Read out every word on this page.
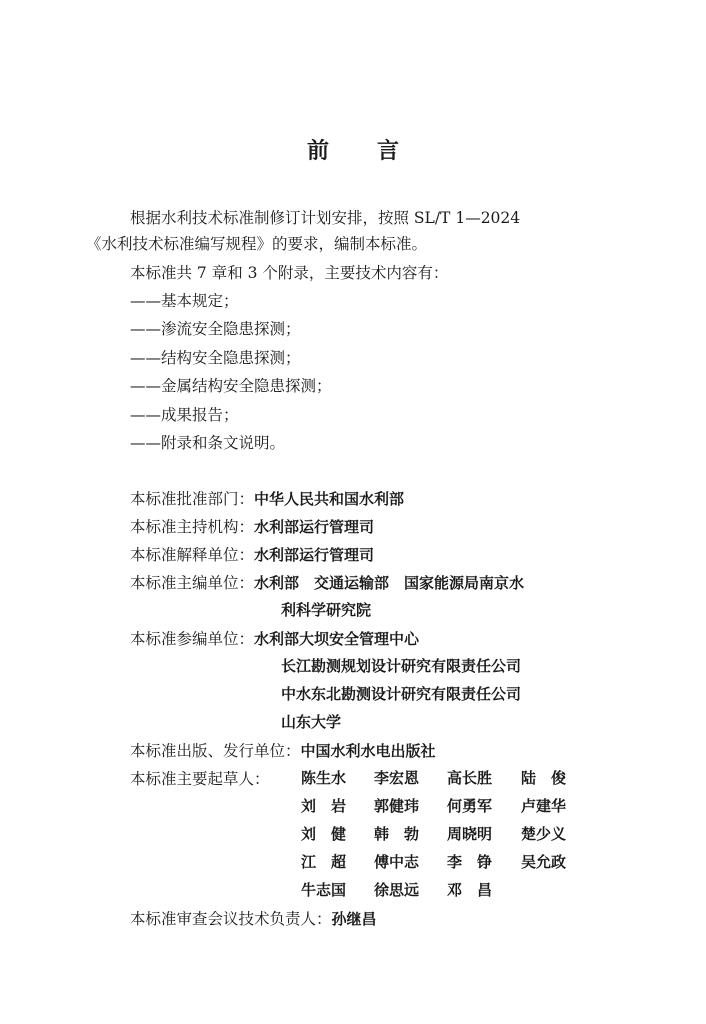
前 言
根据水利技术标准制修订计划安排，按照 SL/T 1—2024
《水利技术标准编写规程》的要求，编制本标准。
本标准共 7 章和 3 个附录，主要技术内容有：
——基本规定；
——渗流安全隐患探测；
——结构安全隐患探测；
——金属结构安全隐患探测；
——成果报告；
——附录和条文说明。
本标准批准部门：中华人民共和国水利部
本标准主持机构：水利部运行管理司
本标准解释单位：水利部运行管理司
本标准主编单位：水利部　交通运输部　国家能源局南京水
利科学研究院
本标准参编单位：水利部大坝安全管理中心
长江勘测规划设计研究有限责任公司
中水东北勘测设计研究有限责任公司
山东大学
本标准出版、发行单位：中国水利水电出版社
本标准主要起草人： 陈生水 李宏恩 高长胜 陆　俊
刘　岩 郭健玮 何勇军 卢建华
刘　健 韩　勃 周晓明 楚少义
江　超 傅中志 李　铮 吴允政
牛志国 徐思远 邓　昌
本标准审查会议技术负责人：孙继昌
